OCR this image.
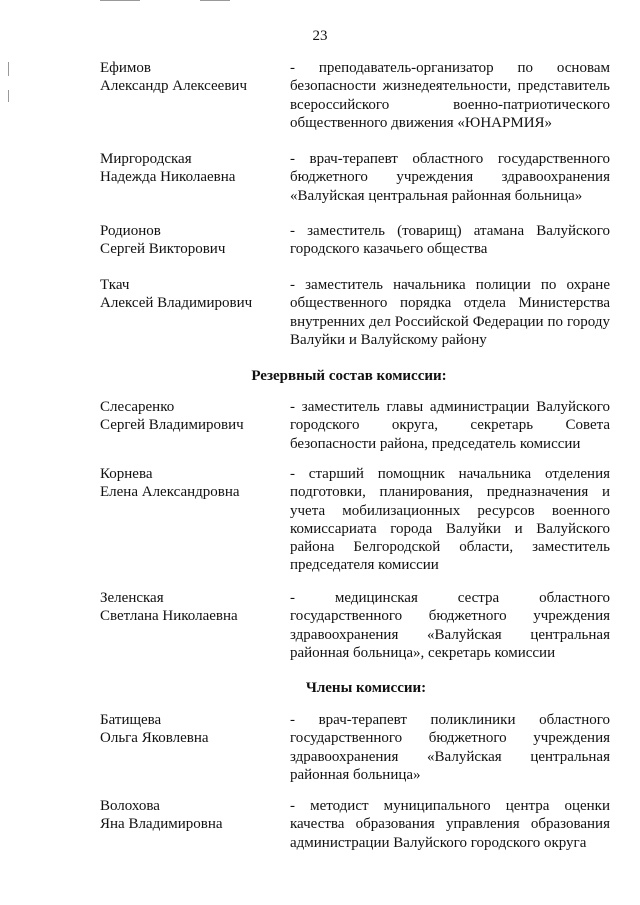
23
Ефимов
Александр Алексеевич
- преподаватель-организатор по основам безопасности жизнедеятельности, представитель всероссийского военно-патриотического общественного движения «ЮНАРМИЯ»
Миргородская
Надежда Николаевна
- врач-терапевт областного государственного бюджетного учреждения здравоохранения «Валуйская центральная районная больница»
Родионов
Сергей Викторович
- заместитель (товарищ) атамана Валуйского городского казачьего общества
Ткач
Алексей Владимирович
- заместитель начальника полиции по охране общественного порядка отдела Министерства внутренних дел Российской Федерации по городу Валуйки и Валуйскому району
Резервный состав комиссии:
Слесаренко
Сергей Владимирович
- заместитель главы администрации Валуйского городского округа, секретарь Совета безопасности района, председатель комиссии
Корнева
Елена Александровна
- старший помощник начальника отделения подготовки, планирования, предназначения и учета мобилизационных ресурсов военного комиссариата города Валуйки и Валуйского района Белгородской области, заместитель председателя комиссии
Зеленская
Светлана Николаевна
- медицинская сестра областного государственного бюджетного учреждения здравоохранения «Валуйская центральная районная больница», секретарь комиссии
Члены комиссии:
Батищева
Ольга Яковлевна
- врач-терапевт поликлиники областного государственного бюджетного учреждения здравоохранения «Валуйская центральная районная больница»
Волохова
Яна Владимировна
- методист муниципального центра оценки качества образования управления образования администрации Валуйского городского округа
